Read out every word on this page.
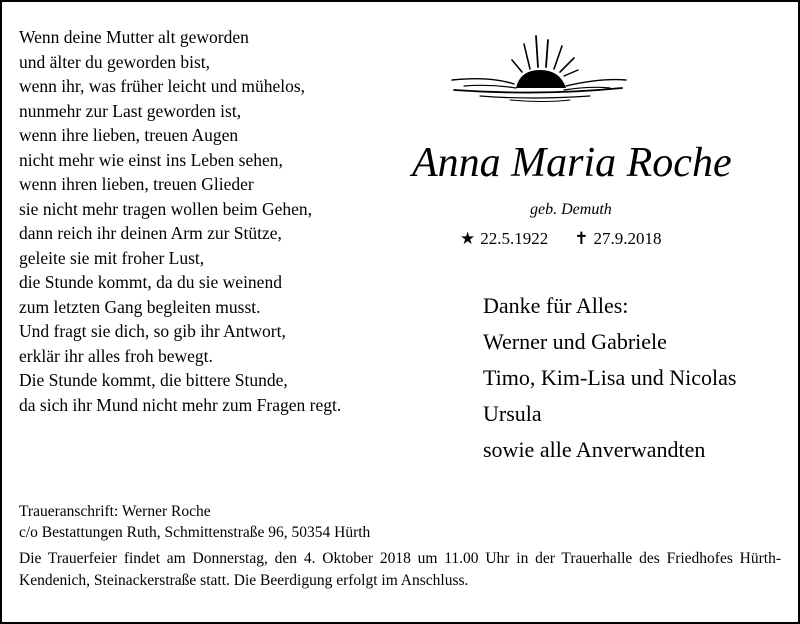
Wenn deine Mutter alt geworden
und älter du geworden bist,
wenn ihr, was früher leicht und mühelos,
nunmehr zur Last geworden ist,
wenn ihre lieben, treuen Augen
nicht mehr wie einst ins Leben sehen,
wenn ihren lieben, treuen Glieder
sie nicht mehr tragen wollen beim Gehen,
dann reich ihr deinen Arm zur Stütze,
geleite sie mit froher Lust,
die Stunde kommt, da du sie weinend
zum letzten Gang begleiten musst.
Und fragt sie dich, so gib ihr Antwort,
erklär ihr alles froh bewegt.
Die Stunde kommt, die bittere Stunde,
da sich ihr Mund nicht mehr zum Fragen regt.
Anna Maria Roche
geb. Demuth
★ 22.5.1922 ✝ 27.9.2018
Danke für Alles:
Werner und Gabriele
Timo, Kim-Lisa und Nicolas
Ursula
sowie alle Anverwandten
Traueranschrift: Werner Roche
c/o Bestattungen Ruth, Schmittenstraße 96, 50354 Hürth
Die Trauerfeier findet am Donnerstag, den 4. Oktober 2018 um 11.00 Uhr in der Trauerhalle des Friedhofes Hürth-Kendenich, Steinackerstraße statt. Die Beerdigung erfolgt im Anschluss.
